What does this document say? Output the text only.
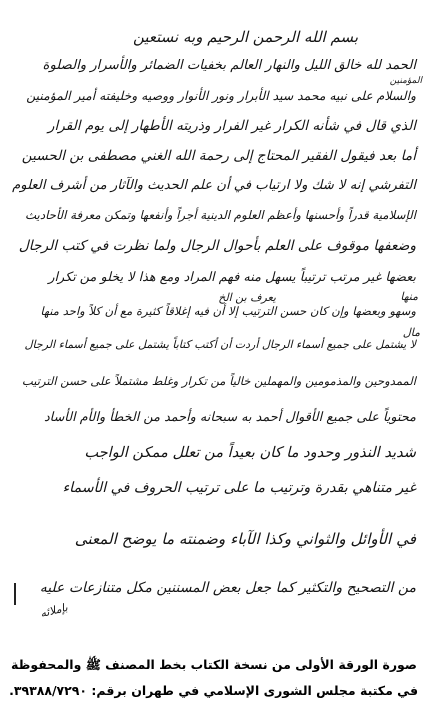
بسم الله الرحمن الرحيم وبه نستعين
الحمد لله خالق الليل والنهار العالم بخفيات الضمائر والأسرار والصلوة
والسلام على نبيه محمد سيد الأبرار ونور الأنوار ووصيه وخليفته أمير المؤمنين
الذي قال في شأنه الكرار غير الفرار وذريته الأطهار إلى يوم القرار
أما بعد فيقول الفقير المحتاج إلى رحمة الله الغني مصطفى بن الحسين
التفرشي إنه لا شك ولا ارتياب في أن علم الحديث والآثار من أشرف العلوم
الإسلامية قدراً وأحسنها وأعظم العلوم الدينية أجراً وأنفعها وتمكن معرفة الأحاديث
وضعفها موقوف على العلم بأحوال الرجال ولما نظرت في كتب الرجال
بعضها غير مرتب ترتيباً يسهل منه فهم المراد ومع هذا لا يخلو من تكرار
وسهو وبعضها وإن كان حسن الترتيب إلا أن فيه إغلاقاً كثيرة مع أن كلاً واحد منها
لا يشتمل على جميع أسماء الرجال أردت أن أكتب كتاباً يشتمل على جميع أسماء الرجال
الممدوحين والمذمومين والمهملين خالياً من تكرار وغلط مشتملاً على حسن الترتيب
محتوياً على جميع الأقوال أحمد به سبحانه وأحمد من الخطأ والأم الأساد
شديد النذور وحدود ما كان بعيداً من تعلل ممكن الواجب
غير متناهي بقدرة وترتيب ما على ترتيب الحروف في الأسماء
في الأوائل والثواني وكذا الآباء وضمنته ما يوضح المعنى
من التصحيح والتكثير كما جعل بعض المسننين مكل متنازعات عليه
المؤمنين
يعرف بن الخ	منها
مال
بإملائه
صورة الورقة الأولى من نسخة الكتاب بخط المصنف ﷺ والمحفوظة
في مكتبة مجلس الشورى الإسلامي في طهران برقم: ٣٩٣٨٨/٧٢٩٠.
